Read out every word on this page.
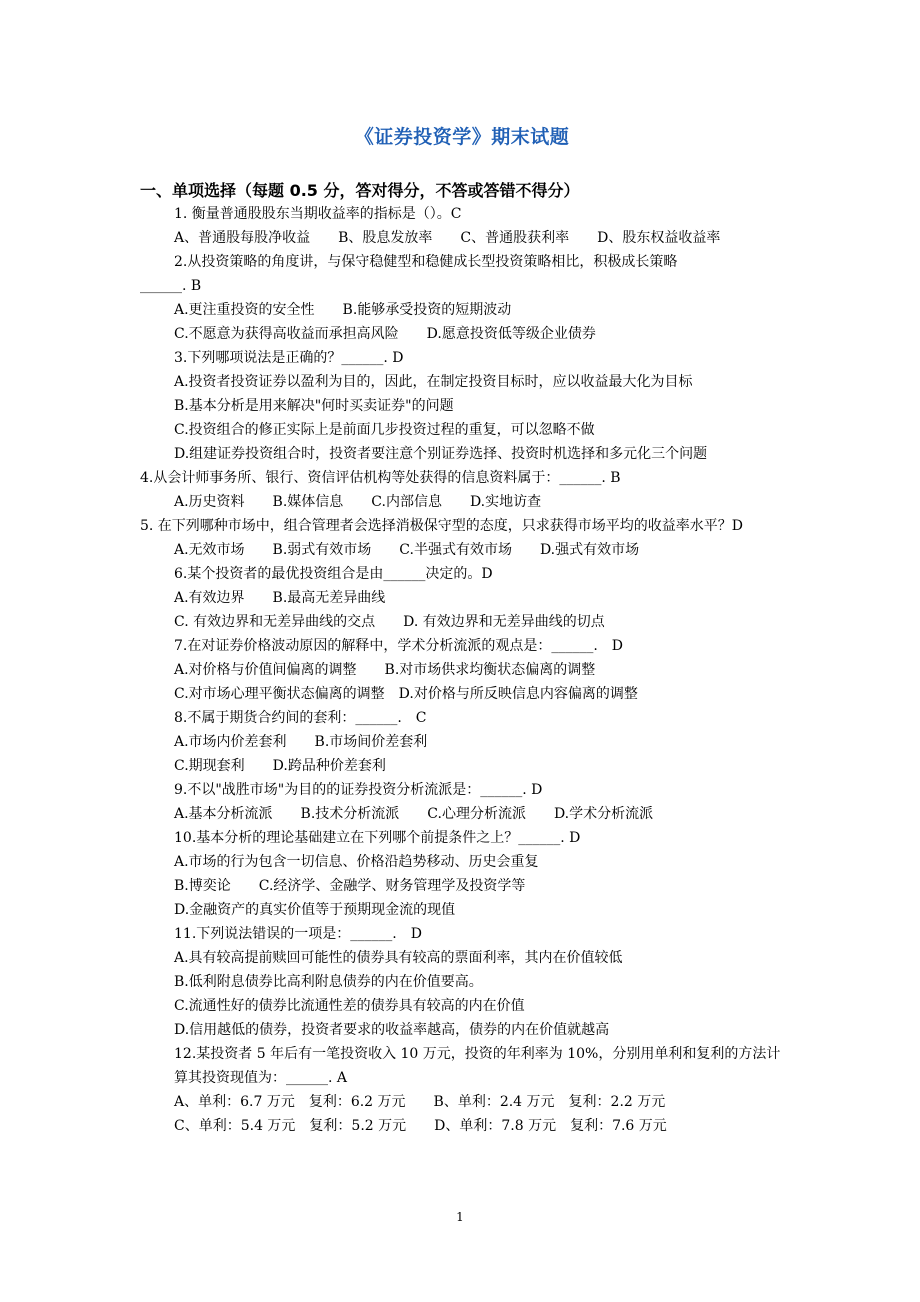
《证券投资学》期末试题
一、单项选择（每题 0.5 分，答对得分，不答或答错不得分）
1. 衡量普通股股东当期收益率的指标是（）。C
A、普通股每股净收益　　B、股息发放率　　C、普通股获利率　　D、股东权益收益率
2.从投资策略的角度讲，与保守稳健型和稳健成长型投资策略相比，积极成长策略
______. B
A.更注重投资的安全性　　B.能够承受投资的短期波动
C.不愿意为获得高收益而承担高风险　　D.愿意投资低等级企业债券
3.下列哪项说法是正确的？______. D
A.投资者投资证券以盈利为目的，因此，在制定投资目标时，应以收益最大化为目标
B.基本分析是用来解决"何时买卖证券"的问题
C.投资组合的修正实际上是前面几步投资过程的重复，可以忽略不做
D.组建证券投资组合时，投资者要注意个别证券选择、投资时机选择和多元化三个问题
4.从会计师事务所、银行、资信评估机构等处获得的信息资料属于：______. B
A.历史资料　　B.媒体信息　　C.内部信息　　D.实地访查
5. 在下列哪种市场中，组合管理者会选择消极保守型的态度，只求获得市场平均的收益率水平？D
A.无效市场　　B.弱式有效市场　　C.半强式有效市场　　D.强式有效市场
6.某个投资者的最优投资组合是由______决定的。D
A.有效边界　　B.最高无差异曲线
C. 有效边界和无差异曲线的交点　　D. 有效边界和无差异曲线的切点
7.在对证券价格波动原因的解释中，学术分析流派的观点是：______.　D
A.对价格与价值间偏离的调整　　B.对市场供求均衡状态偏离的调整
C.对市场心理平衡状态偏离的调整　D.对价格与所反映信息内容偏离的调整
8.不属于期货合约间的套利：______.　C
A.市场内价差套利　　B.市场间价差套利
C.期现套利　　D.跨品种价差套利
9.不以"战胜市场"为目的的证券投资分析流派是：______. D
A.基本分析流派　　B.技术分析流派　　C.心理分析流派　　D.学术分析流派
10.基本分析的理论基础建立在下列哪个前提条件之上？______. D
A.市场的行为包含一切信息、价格沿趋势移动、历史会重复
B.博奕论　　C.经济学、金融学、财务管理学及投资学等
D.金融资产的真实价值等于预期现金流的现值
11.下列说法错误的一项是：______.　D
A.具有较高提前赎回可能性的债券具有较高的票面利率，其内在价值较低
B.低利附息债券比高利附息债券的内在价值要高。
C.流通性好的债券比流通性差的债券具有较高的内在价值
D.信用越低的债券，投资者要求的收益率越高，债券的内在价值就越高
12.某投资者 5 年后有一笔投资收入 10 万元，投资的年利率为 10%，分别用单利和复利的方法计算其投资现值为：______. A
A、单利：6.7 万元　复利：6.2 万元　　B、单利：2.4 万元　复利：2.2 万元
C、单利：5.4 万元　复利：5.2 万元　　D、单利：7.8 万元　复利：7.6 万元
1
